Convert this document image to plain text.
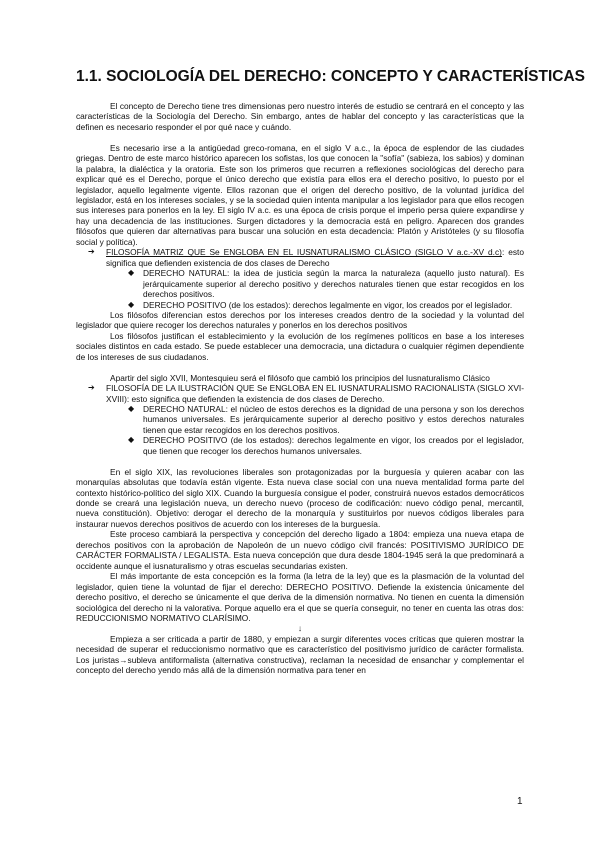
1.1. SOCIOLOGÍA DEL DERECHO: CONCEPTO Y CARACTERÍSTICAS

El concepto de Derecho tiene tres dimensionas pero nuestro interés de estudio se centrará en el concepto y las características de la Sociología del Derecho. Sin embargo, antes de hablar del concepto y las características que la definen es necesario responder el por qué nace y cuándo.

Es necesario irse a la antigüedad greco-romana, en el siglo V a.c., la época de esplendor de las ciudades griegas. Dentro de este marco histórico aparecen los sofistas, los que conocen la "sofía" (sabieza, los sabios) y dominan la palabra, la dialéctica y la oratoria. Este son los primeros que recurren a reflexiones sociológicas del derecho para explicar qué es el Derecho, porque el único derecho que existía para ellos era el derecho positivo, lo puesto por el legislador, aquello legalmente vigente. Ellos razonan que el origen del derecho positivo, de la voluntad jurídica del legislador, está en los intereses sociales, y se la sociedad quien intenta manipular a los legislador para que ellos recogen sus intereses para ponerlos en la ley. El siglo IV a.c. es una época de crisis porque el imperio persa quiere expandirse y hay una decadencia de las instituciones. Surgen dictadores y la democracia está en peligro. Aparecen dos grandes filósofos que quieren dar alternativas para buscar una solución en esta decadencia: Platón y Aristóteles (y su filosofía social y política).

➔ FILOSOFÍA MATRIZ QUE Se ENGLOBA EN EL IUSNATURALISMO CLÁSICO (SIGLO V a.c.-XV d.c): esto significa que defienden existencia de dos clases de Derecho
◆ DERECHO NATURAL: la idea de justicia según la marca la naturaleza (aquello justo natural). Es jerárquicamente superior al derecho positivo y derechos naturales tienen que estar recogidos en los derechos positivos.
◆ DERECHO POSITIVO (de los estados): derechos legalmente en vigor, los creados por el legislador.

Los filósofos diferencian estos derechos por los intereses creados dentro de la sociedad y la voluntad del legislador que quiere recoger los derechos naturales y ponerlos en los derechos positivos

Los filósofos justifican el establecimiento y la evolución de los regímenes políticos en base a los intereses sociales distintos en cada estado. Se puede establecer una democracia, una dictadura o cualquier régimen dependiente de los intereses de sus ciudadanos.

Apartir del siglo XVII, Montesquieu será el filósofo que cambió los principios del Iusnaturalismo Clásico

➔ FILOSOFÍA DE LA ILUSTRACIÓN QUE Se ENGLOBA EN EL IUSNATURALISMO RACIONALISTA (SIGLO XVI-XVIII): esto significa que defienden la existencia de dos clases de Derecho.
◆ DERECHO NATURAL: el núcleo de estos derechos es la dignidad de una persona y son los derechos humanos universales. Es jerárquicamente superior al derecho positivo y estos derechos naturales tienen que estar recogidos en los derechos positivos.
◆ DERECHO POSITIVO (de los estados): derechos legalmente en vigor, los creados por el legislador, que tienen que recoger los derechos humanos universales.

En el siglo XIX, las revoluciones liberales son protagonizadas por la burguesía y quieren acabar con las monarquías absolutas que todavía están vigente. Esta nueva clase social con una nueva mentalidad forma parte del contexto histórico-político del siglo XIX. Cuando la burguesía consigue el poder, construirá nuevos estados democráticos donde se creará una legislación nueva, un derecho nuevo (proceso de codificación: nuevo código penal, mercantil, nueva constitución). Objetivo: derogar el derecho de la monarquía y sustituirlos por nuevos códigos liberales para instaurar nuevos derechos positivos de acuerdo con los intereses de la burguesía.

Este proceso cambiará la perspectiva y concepción del derecho ligado a 1804: empieza una nueva etapa de derechos positivos con la aprobación de Napoleón de un nuevo código civil francés: POSITIVISMO JURÍDICO DE CARÁCTER FORMALISTA / LEGALISTA. Esta nueva concepción que dura desde 1804-1945 será la que predominará a occidente aunque el iusnaturalismo y otras escuelas secundarias existen.

El más importante de esta concepción es la forma (la letra de la ley) que es la plasmación de la voluntad del legislador, quien tiene la voluntad de fijar el derecho: DERECHO POSITIVO. Defiende la existencia únicamente del derecho positivo, el derecho se únicamente el que deriva de la dimensión normativa. No tienen en cuenta la dimensión sociológica del derecho ni la valorativa. Porque aquello era el que se quería conseguir, no tener en cuenta las otras dos: REDUCCIONISMO NORMATIVO CLARÍSIMO.

↓

Empieza a ser criticada a partir de 1880, y empiezan a surgir diferentes voces críticas que quieren mostrar la necesidad de superar el reduccionismo normativo que es característico del positivismo jurídico de carácter formalista. Los juristas→subleva antiformalista (alternativa constructiva), reclaman la necesidad de ensanchar y complementar el concepto del derecho yendo más allá de la dimensión normativa para tener en

1
